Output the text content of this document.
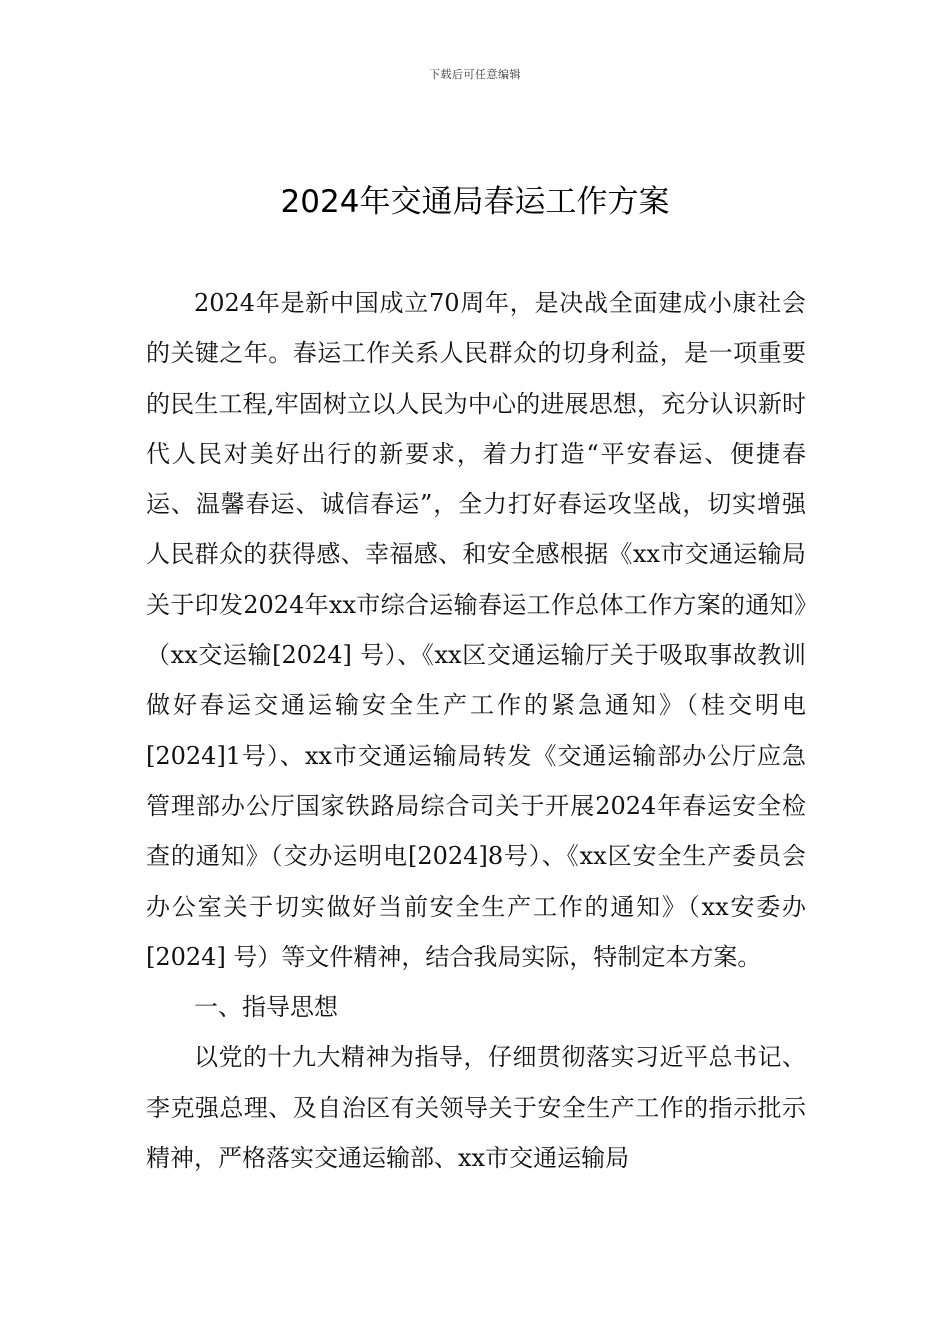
下载后可任意编辑
2024年交通局春运工作方案

2024年是新中国成立70周年，是决战全面建成小康社会的关键之年。春运工作关系人民群众的切身利益，是一项重要的民生工程,牢固树立以人民为中心的进展思想，充分认识新时代人民对美好出行的新要求，着力打造“平安春运、便捷春运、温馨春运、诚信春运”，全力打好春运攻坚战，切实增强人民群众的获得感、幸福感、和安全感根据《xx市交通运输局关于印发2024年xx市综合运输春运工作总体工作方案的通知》（xx交运输[2024] 号）、《xx区交通运输厅关于吸取事故教训做好春运交通运输安全生产工作的紧急通知》（桂交明电[2024]1号）、xx市交通运输局转发《交通运输部办公厅应急管理部办公厅国家铁路局综合司关于开展2024年春运安全检查的通知》（交办运明电[2024]8号）、《xx区安全生产委员会办公室关于切实做好当前安全生产工作的通知》（xx安委办[2024] 号）等文件精神，结合我局实际，特制定本方案。

一、指导思想

以党的十九大精神为指导，仔细贯彻落实习近平总书记、李克强总理、及自治区有关领导关于安全生产工作的指示批示精神，严格落实交通运输部、xx市交通运输局
